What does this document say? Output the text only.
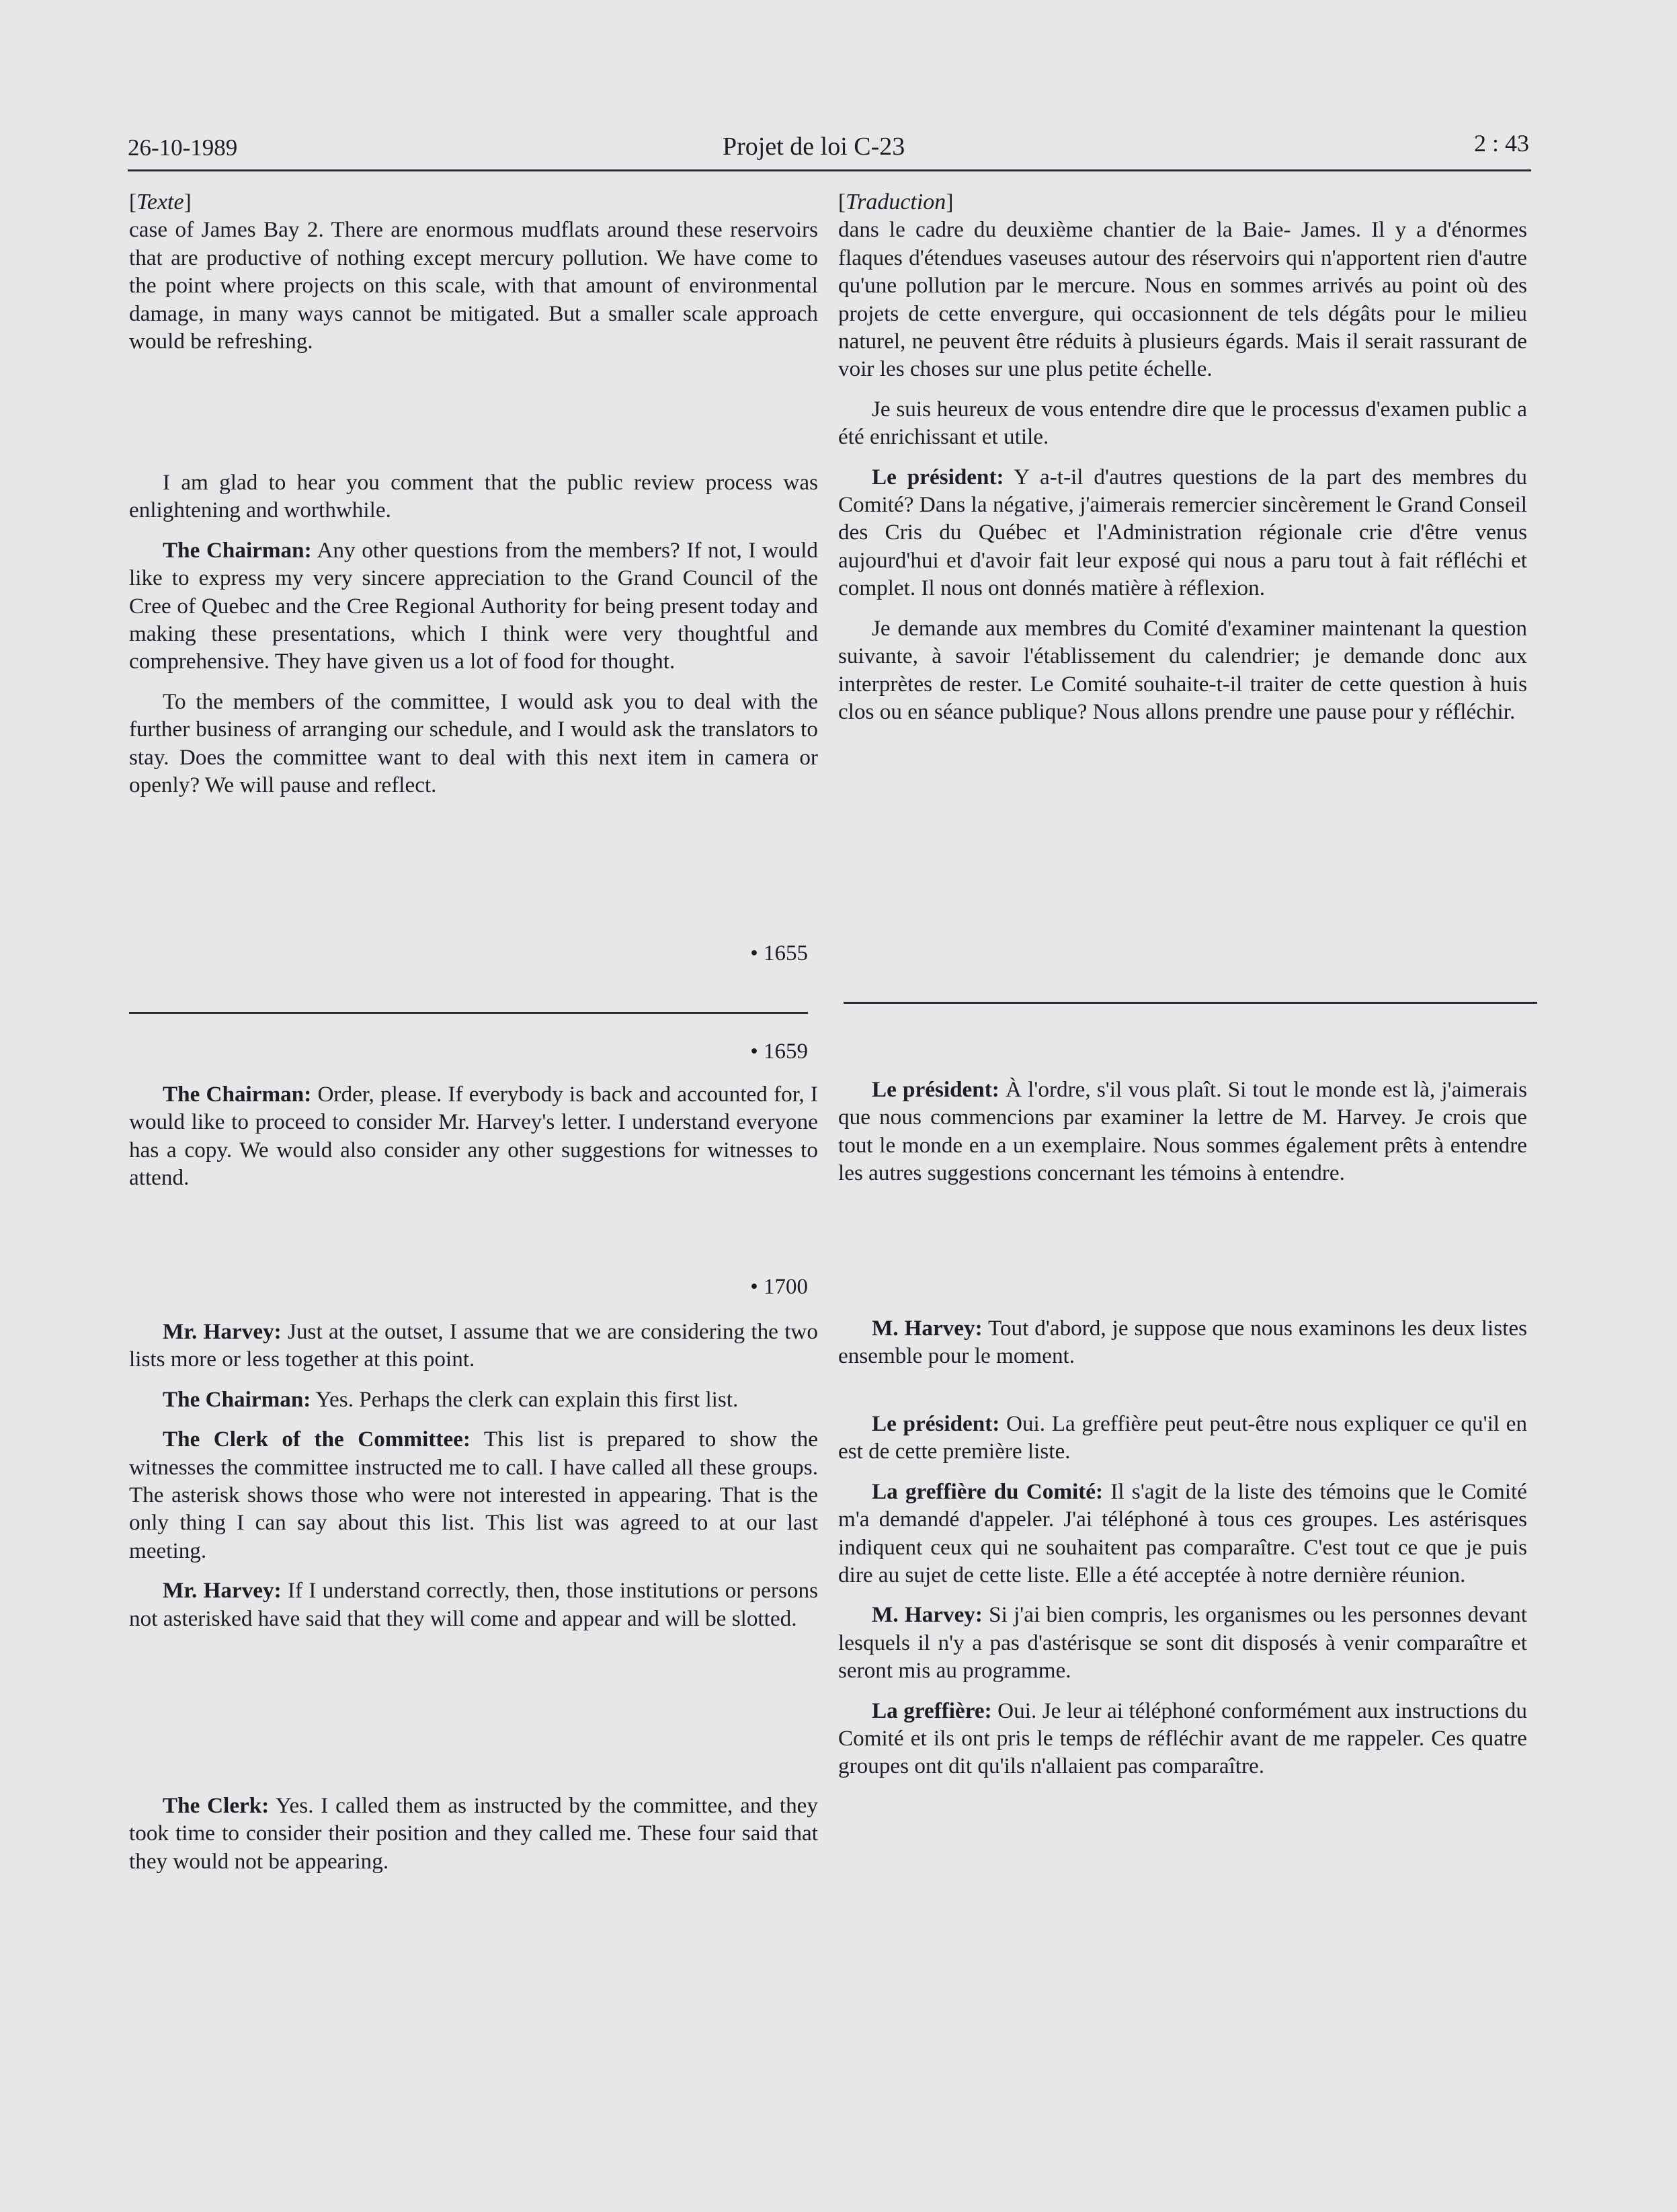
26-10-1989	Projet de loi C-23	2 : 43

[Texte]

case of James Bay 2. There are enormous mudflats around these reservoirs that are productive of nothing except mercury pollution. We have come to the point where projects on this scale, with that amount of environmental damage, in many ways cannot be mitigated. But a smaller scale approach would be refreshing.

I am glad to hear you comment that the public review process was enlightening and worthwhile.

The Chairman: Any other questions from the members? If not, I would like to express my very sincere appreciation to the Grand Council of the Cree of Quebec and the Cree Regional Authority for being present today and making these presentations, which I think were very thoughtful and comprehensive. They have given us a lot of food for thought.

To the members of the committee, I would ask you to deal with the further business of arranging our schedule, and I would ask the translators to stay. Does the committee want to deal with this next item in camera or openly? We will pause and reflect.

• 1655
• 1659

The Chairman: Order, please. If everybody is back and accounted for, I would like to proceed to consider Mr. Harvey's letter. I understand everyone has a copy. We would also consider any other suggestions for witnesses to attend.

• 1700

Mr. Harvey: Just at the outset, I assume that we are considering the two lists more or less together at this point.

The Chairman: Yes. Perhaps the clerk can explain this first list.

The Clerk of the Committee: This list is prepared to show the witnesses the committee instructed me to call. I have called all these groups. The asterisk shows those who were not interested in appearing. That is the only thing I can say about this list. This list was agreed to at our last meeting.

Mr. Harvey: If I understand correctly, then, those institutions or persons not asterisked have said that they will come and appear and will be slotted.

The Clerk: Yes. I called them as instructed by the committee, and they took time to consider their position and they called me. These four said that they would not be appearing.

[Traduction]

dans le cadre du deuxième chantier de la Baie- James. Il y a d'énormes flaques d'étendues vaseuses autour des réservoirs qui n'apportent rien d'autre qu'une pollution par le mercure. Nous en sommes arrivés au point où des projets de cette envergure, qui occasionnent de tels dégâts pour le milieu naturel, ne peuvent être réduits à plusieurs égards. Mais il serait rassurant de voir les choses sur une plus petite échelle.

Je suis heureux de vous entendre dire que le processus d'examen public a été enrichissant et utile.

Le président: Y a-t-il d'autres questions de la part des membres du Comité? Dans la négative, j'aimerais remercier sincèrement le Grand Conseil des Cris du Québec et l'Administration régionale crie d'être venus aujourd'hui et d'avoir fait leur exposé qui nous a paru tout à fait réfléchi et complet. Il nous ont donnés matière à réflexion.

Je demande aux membres du Comité d'examiner maintenant la question suivante, à savoir l'établissement du calendrier; je demande donc aux interprètes de rester. Le Comité souhaite-t-il traiter de cette question à huis clos ou en séance publique? Nous allons prendre une pause pour y réfléchir.

Le président: À l'ordre, s'il vous plaît. Si tout le monde est là, j'aimerais que nous commencions par examiner la lettre de M. Harvey. Je crois que tout le monde en a un exemplaire. Nous sommes également prêts à entendre les autres suggestions concernant les témoins à entendre.

M. Harvey: Tout d'abord, je suppose que nous examinons les deux listes ensemble pour le moment.

Le président: Oui. La greffière peut peut-être nous expliquer ce qu'il en est de cette première liste.

La greffière du Comité: Il s'agit de la liste des témoins que le Comité m'a demandé d'appeler. J'ai téléphoné à tous ces groupes. Les astérisques indiquent ceux qui ne souhaitent pas comparaître. C'est tout ce que je puis dire au sujet de cette liste. Elle a été acceptée à notre dernière réunion.

M. Harvey: Si j'ai bien compris, les organismes ou les personnes devant lesquels il n'y a pas d'astérisque se sont dit disposés à venir comparaître et seront mis au programme.

La greffière: Oui. Je leur ai téléphoné conformément aux instructions du Comité et ils ont pris le temps de réfléchir avant de me rappeler. Ces quatre groupes ont dit qu'ils n'allaient pas comparaître.
